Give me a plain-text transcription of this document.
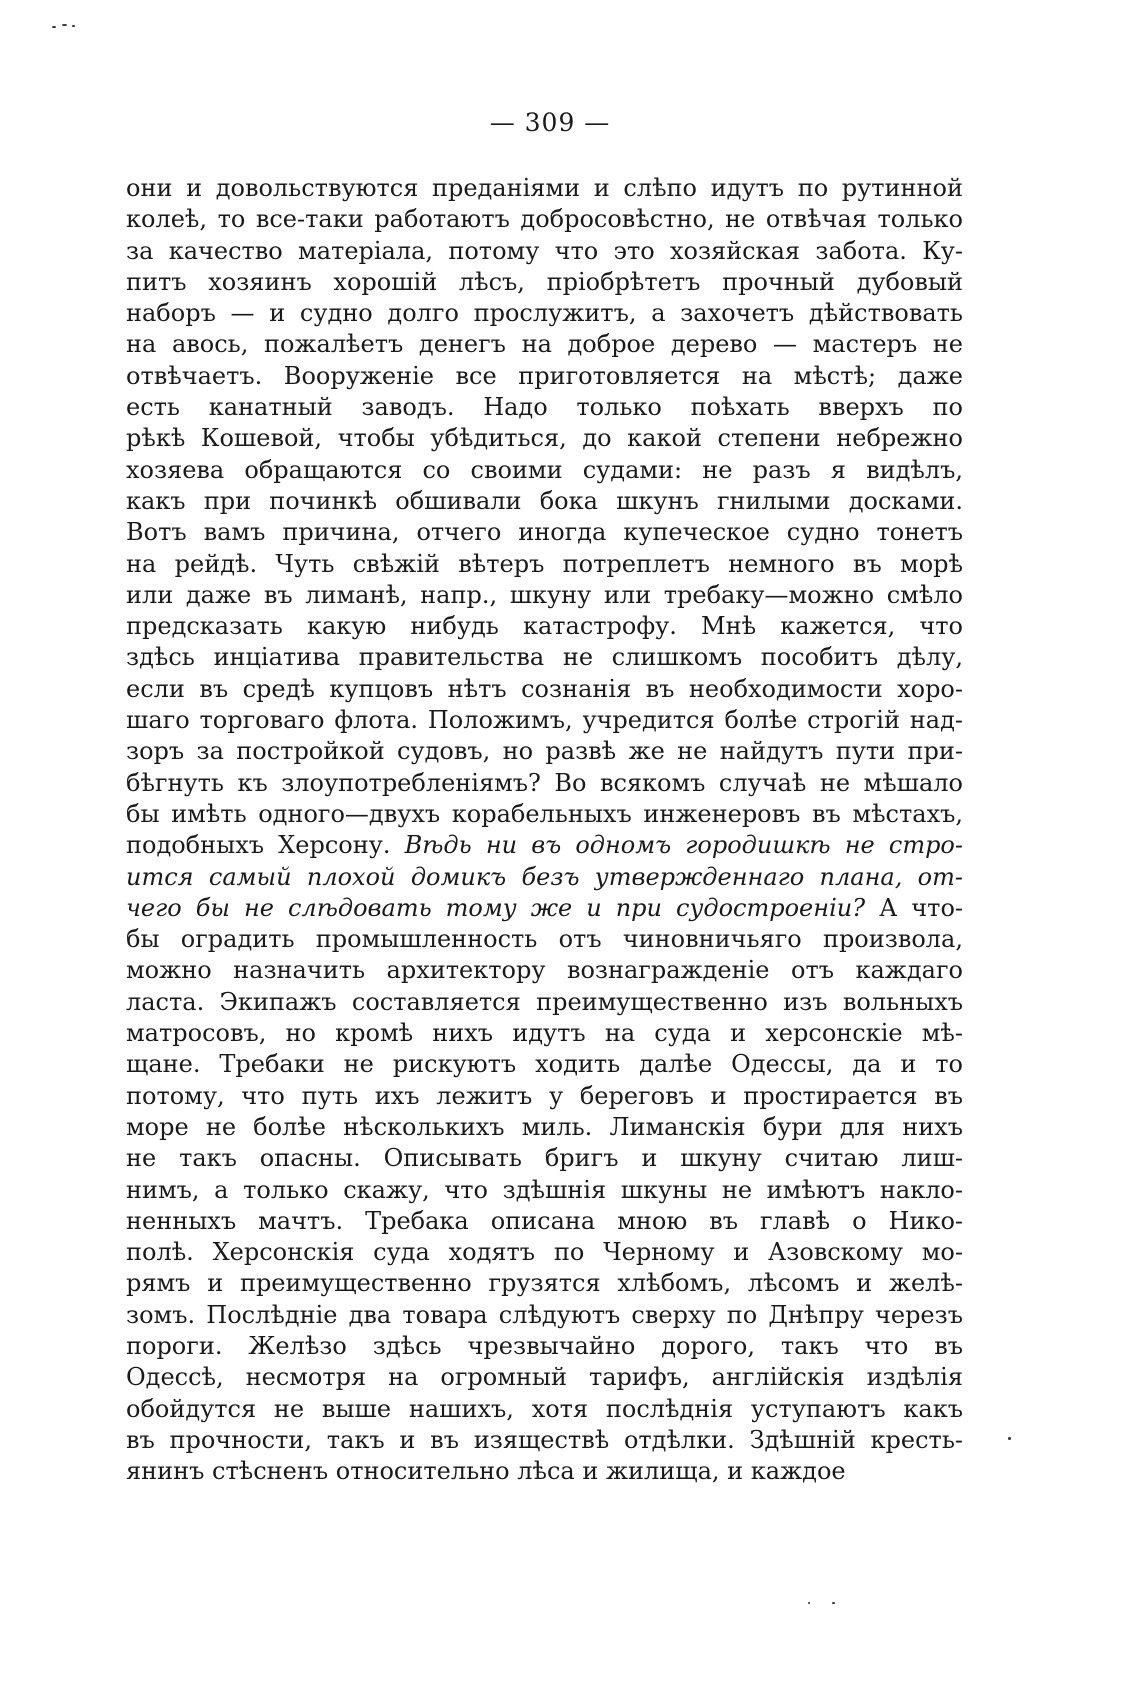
— 309 —
они и довольствуются преданіями и слѣпо идутъ по рутинной
колеѣ, то все-таки работаютъ добросовѣстно, не отвѣчая только
за качество матеріала, потому что это хозяйская забота. Ку-
питъ хозяинъ хорошій лѣсъ, пріобрѣтетъ прочный дубовый
наборъ — и судно долго прослужитъ, а захочетъ дѣйствовать
на авось, пожалѣетъ денегъ на доброе дерево — мастеръ не
отвѣчаетъ. Вооруженіе все приготовляется на мѣстѣ; даже
есть канатный заводъ. Надо только поѣхать вверхъ по
рѣкѣ Кошевой, чтобы убѣдиться, до какой степени небрежно
хозяева обращаются со своими судами: не разъ я видѣлъ,
какъ при починкѣ обшивали бока шкунъ гнилыми досками.
Вотъ вамъ причина, отчего иногда купеческое судно тонетъ
на рейдѣ. Чуть свѣжій вѣтеръ потреплетъ немного въ морѣ
или даже въ лиманѣ, напр., шкуну или требаку—можно смѣло
предсказать какую нибудь катастрофу. Мнѣ кажется, что
здѣсь инціатива правительства не слишкомъ пособитъ дѣлу,
если въ средѣ купцовъ нѣтъ сознанія въ необходимости хоро-
шаго торговаго флота. Положимъ, учредится болѣе строгій над-
зоръ за постройкой судовъ, но развѣ же не найдутъ пути при-
бѣгнуть къ злоупотребленіямъ? Во всякомъ случаѣ не мѣшало
бы имѣть одного—двухъ корабельныхъ инженеровъ въ мѣстахъ,
подобныхъ Херсону. Вѣдь ни въ одномъ городишкѣ не стро-
ится самый плохой домикъ безъ утвержденнаго плана, от-
чего бы не слѣдовать тому же и при судостроеніи? А что-
бы оградить промышленность отъ чиновничьяго произвола,
можно назначить архитектору вознагражденіе отъ каждаго
ласта. Экипажъ составляется преимущественно изъ вольныхъ
матросовъ, но кромѣ нихъ идутъ на суда и херсонскіе мѣ-
щане. Требаки не рискуютъ ходить далѣе Одессы, да и то
потому, что путь ихъ лежитъ у береговъ и простирается въ
море не болѣе нѣсколькихъ миль. Лиманскія бури для нихъ
не такъ опасны. Описывать бригъ и шкуну считаю лиш-
нимъ, а только скажу, что здѣшнія шкуны не имѣютъ накло-
ненныхъ мачтъ. Требака описана мною въ главѣ о Нико-
полѣ. Херсонскія суда ходятъ по Черному и Азовскому мо-
рямъ и преимущественно грузятся хлѣбомъ, лѣсомъ и желѣ-
зомъ. Послѣдніе два товара слѣдуютъ сверху по Днѣпру черезъ
пороги. Желѣзо здѣсь чрезвычайно дорого, такъ что въ
Одессѣ, несмотря на огромный тарифъ, англійскія издѣлія
обойдутся не выше нашихъ, хотя послѣднія уступаютъ какъ
въ прочности, такъ и въ изяществѣ отдѣлки. Здѣшній кресть-
янинъ стѣсненъ относительно лѣса и жилища, и каждое
